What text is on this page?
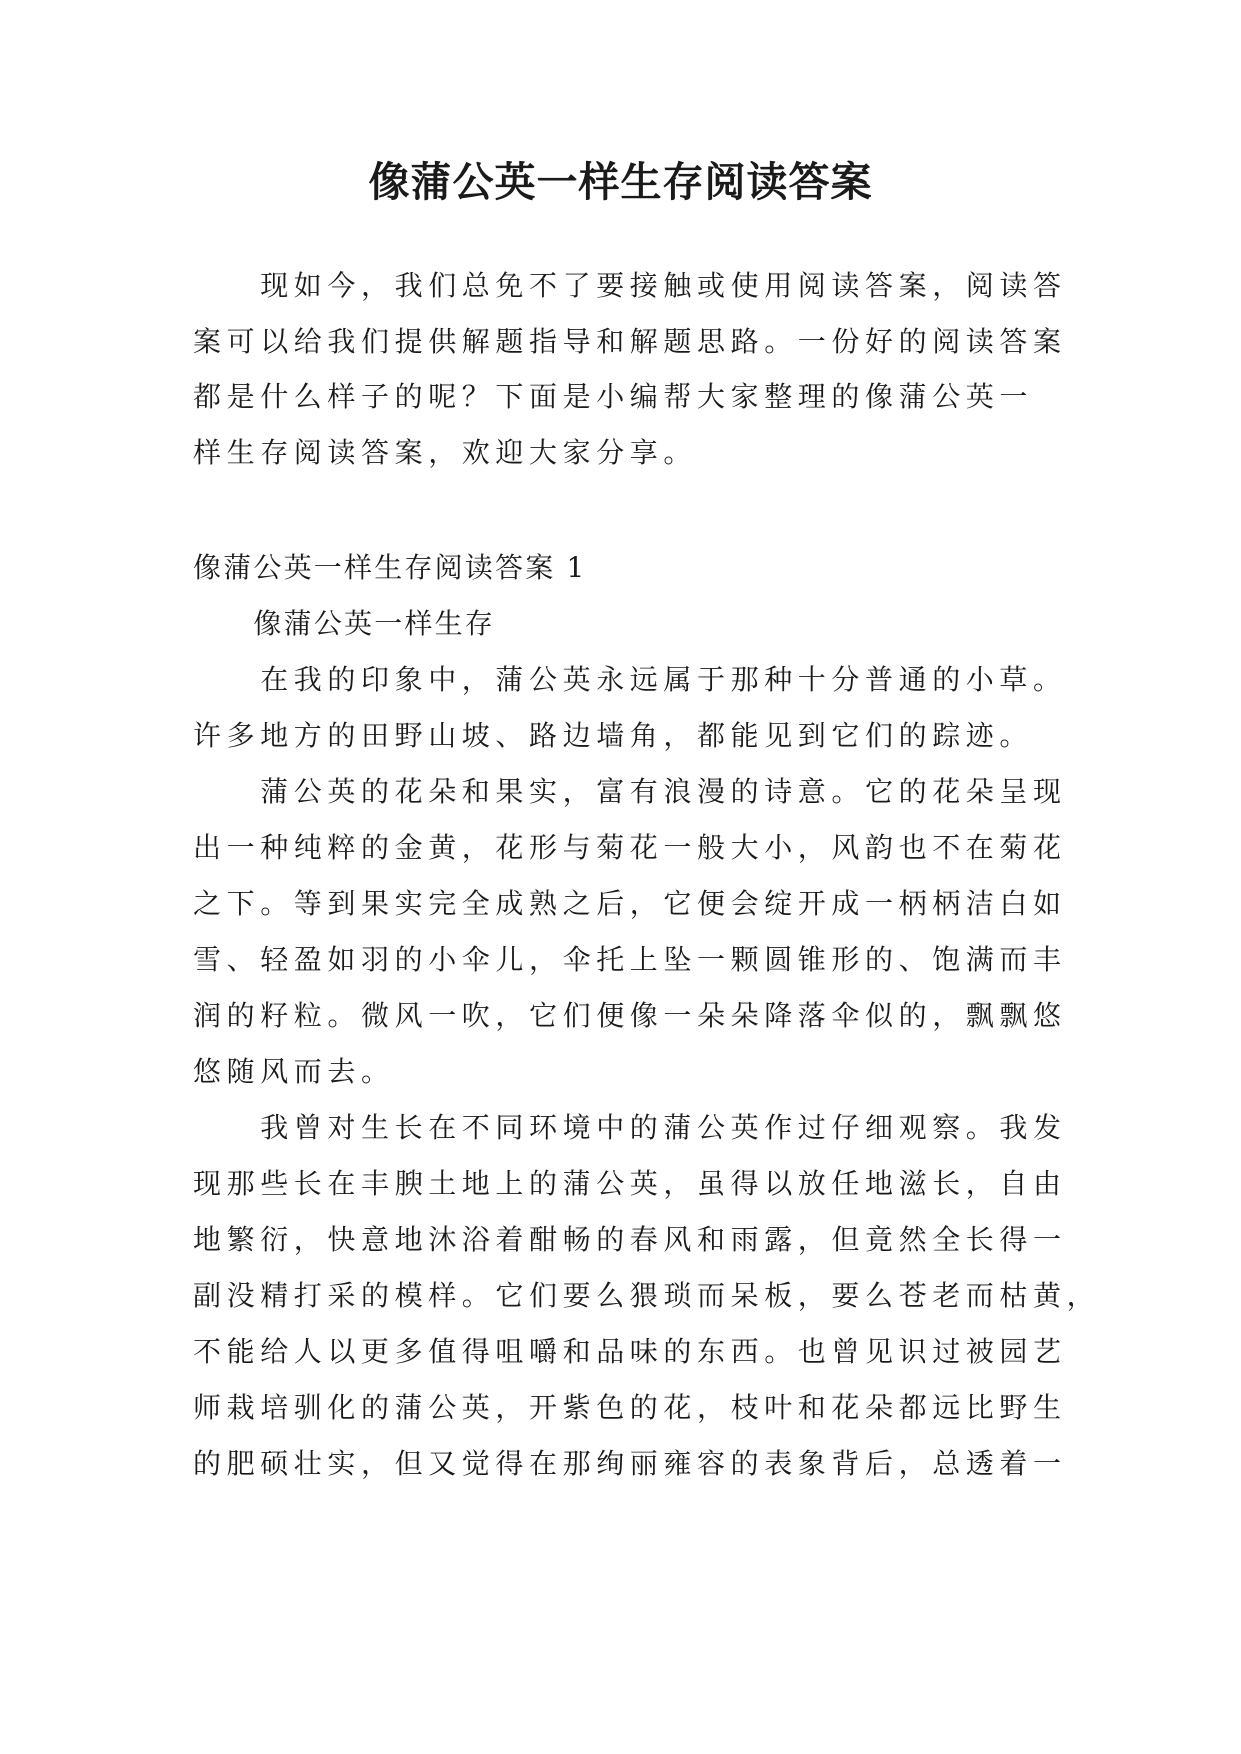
像蒲公英一样生存阅读答案

　　现如今，我们总免不了要接触或使用阅读答案，阅读答

案可以给我们提供解题指导和解题思路。一份好的阅读答案

都是什么样子的呢？下面是小编帮大家整理的像蒲公英一

样生存阅读答案，欢迎大家分享。

像蒲公英一样生存阅读答案 1

　　像蒲公英一样生存

　　在我的印象中，蒲公英永远属于那种十分普通的小草。

许多地方的田野山坡、路边墙角，都能见到它们的踪迹。

　　蒲公英的花朵和果实，富有浪漫的诗意。它的花朵呈现

出一种纯粹的金黄，花形与菊花一般大小，风韵也不在菊花

之下。等到果实完全成熟之后，它便会绽开成一柄柄洁白如

雪、轻盈如羽的小伞儿，伞托上坠一颗圆锥形的、饱满而丰

润的籽粒。微风一吹，它们便像一朵朵降落伞似的，飘飘悠

悠随风而去。

　　我曾对生长在不同环境中的蒲公英作过仔细观察。我发

现那些长在丰腴土地上的蒲公英，虽得以放任地滋长，自由

地繁衍，快意地沐浴着酣畅的春风和雨露，但竟然全长得一

副没精打采的模样。它们要么猥琐而呆板，要么苍老而枯黄，

不能给人以更多值得咀嚼和品味的东西。也曾见识过被园艺

师栽培驯化的蒲公英，开紫色的花，枝叶和花朵都远比野生

的肥硕壮实，但又觉得在那绚丽雍容的表象背后，总透着一
